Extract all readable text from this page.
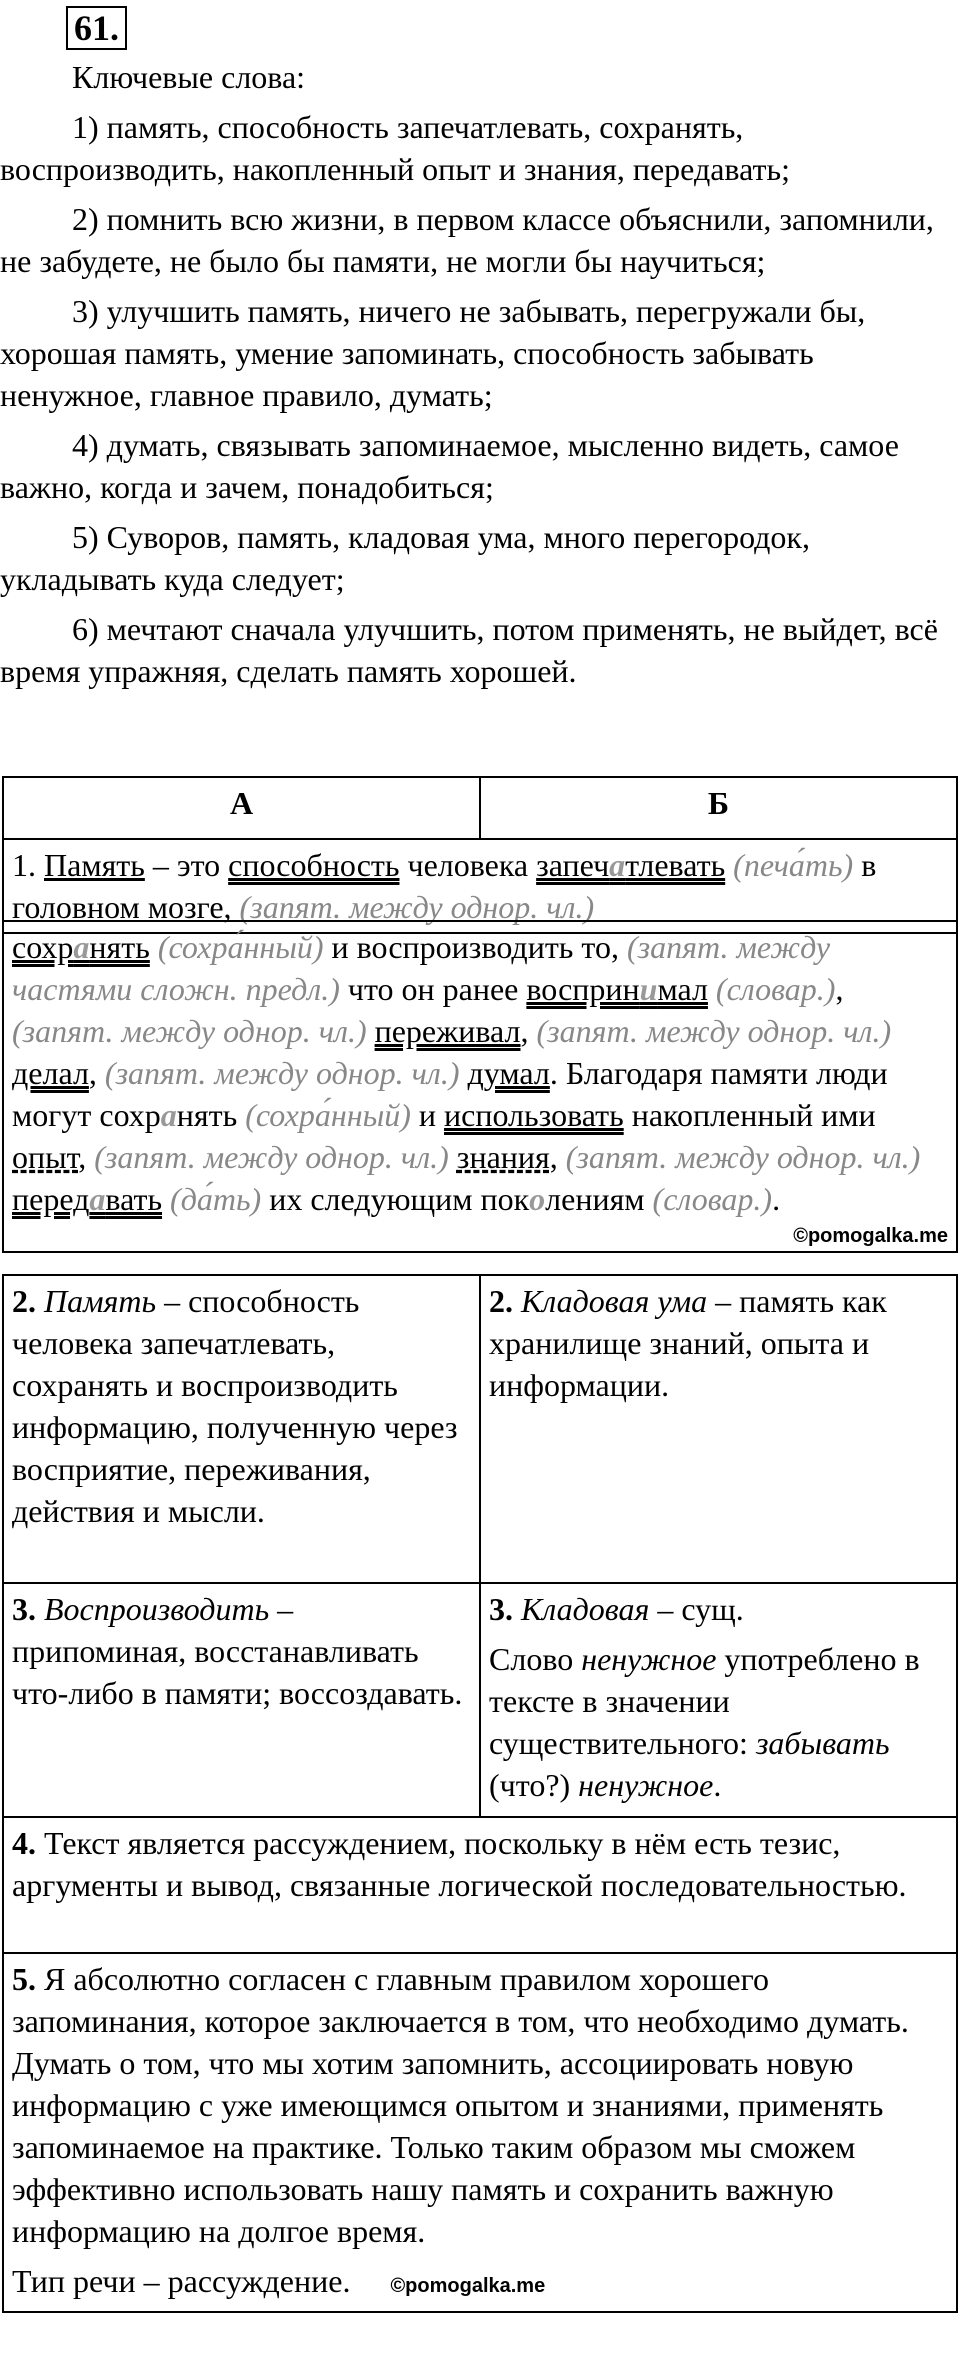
61.

Ключевые слова:

1) память, способность запечатлевать, сохранять, воспроизводить, накопленный опыт и знания, передавать;

2) помнить всю жизни, в первом классе объяснили, запомнили, не забудете, не было бы памяти, не могли бы научиться;

3) улучшить память, ничего не забывать, перегружали бы, хорошая память, умение запоминать, способность забывать ненужное, главное правило, думать;

4) думать, связывать запоминаемое, мысленно видеть, самое важно, когда и зачем, понадобиться;

5) Суворов, память, кладовая ума, много перегородок, укладывать куда следует;

6) мечтают сначала улучшить, потом применять, не выйдет, всё время упражняя, сделать память хорошей.

А	Б
1. Память – это способность человека запечатлевать (печа́ть) в головном мозге, (запят. между однор. чл.)
сохранять (сохра́нный) и воспроизводить то, (запят. между частями сложн. предл.) что он ранее воспринимал (словар.), (запят. между однор. чл.) переживал, (запят. между однор. чл.) делал, (запят. между однор. чл.) думал. Благодаря памяти люди могут сохранять (сохра́нный) и использовать накопленный ими опыт, (запят. между однор. чл.) знания, (запят. между однор. чл.) передавать (да́ть) их следующим поколениям (словар.).
©pomogalka.me
2. Память – способность человека запечатлевать, сохранять и воспроизводить информацию, полученную через восприятие, переживания, действия и мысли.	2. Кладовая ума – память как хранилище знаний, опыта и информации.
3. Воспроизводить – припоминая, восстанавливать что-либо в памяти; воссоздавать.	3. Кладовая – сущ.
Слово ненужное употреблено в тексте в значении существительного: забывать (что?) ненужное.

4. Текст является рассуждением, поскольку в нём есть тезис, аргументы и вывод, связанные логической последовательностью.	

5. Я абсолютно согласен с главным правилом хорошего запоминания, которое заключается в том, что необходимо думать. Думать о том, что мы хотим запомнить, ассоциировать новую информацию с уже имеющимся опытом и знаниями, применять запоминаемое на практике. Только таким образом мы сможем эффективно использовать нашу память и сохранить важную информацию на долгое время.
Тип речи – рассуждение. ©pomogalka.me	
